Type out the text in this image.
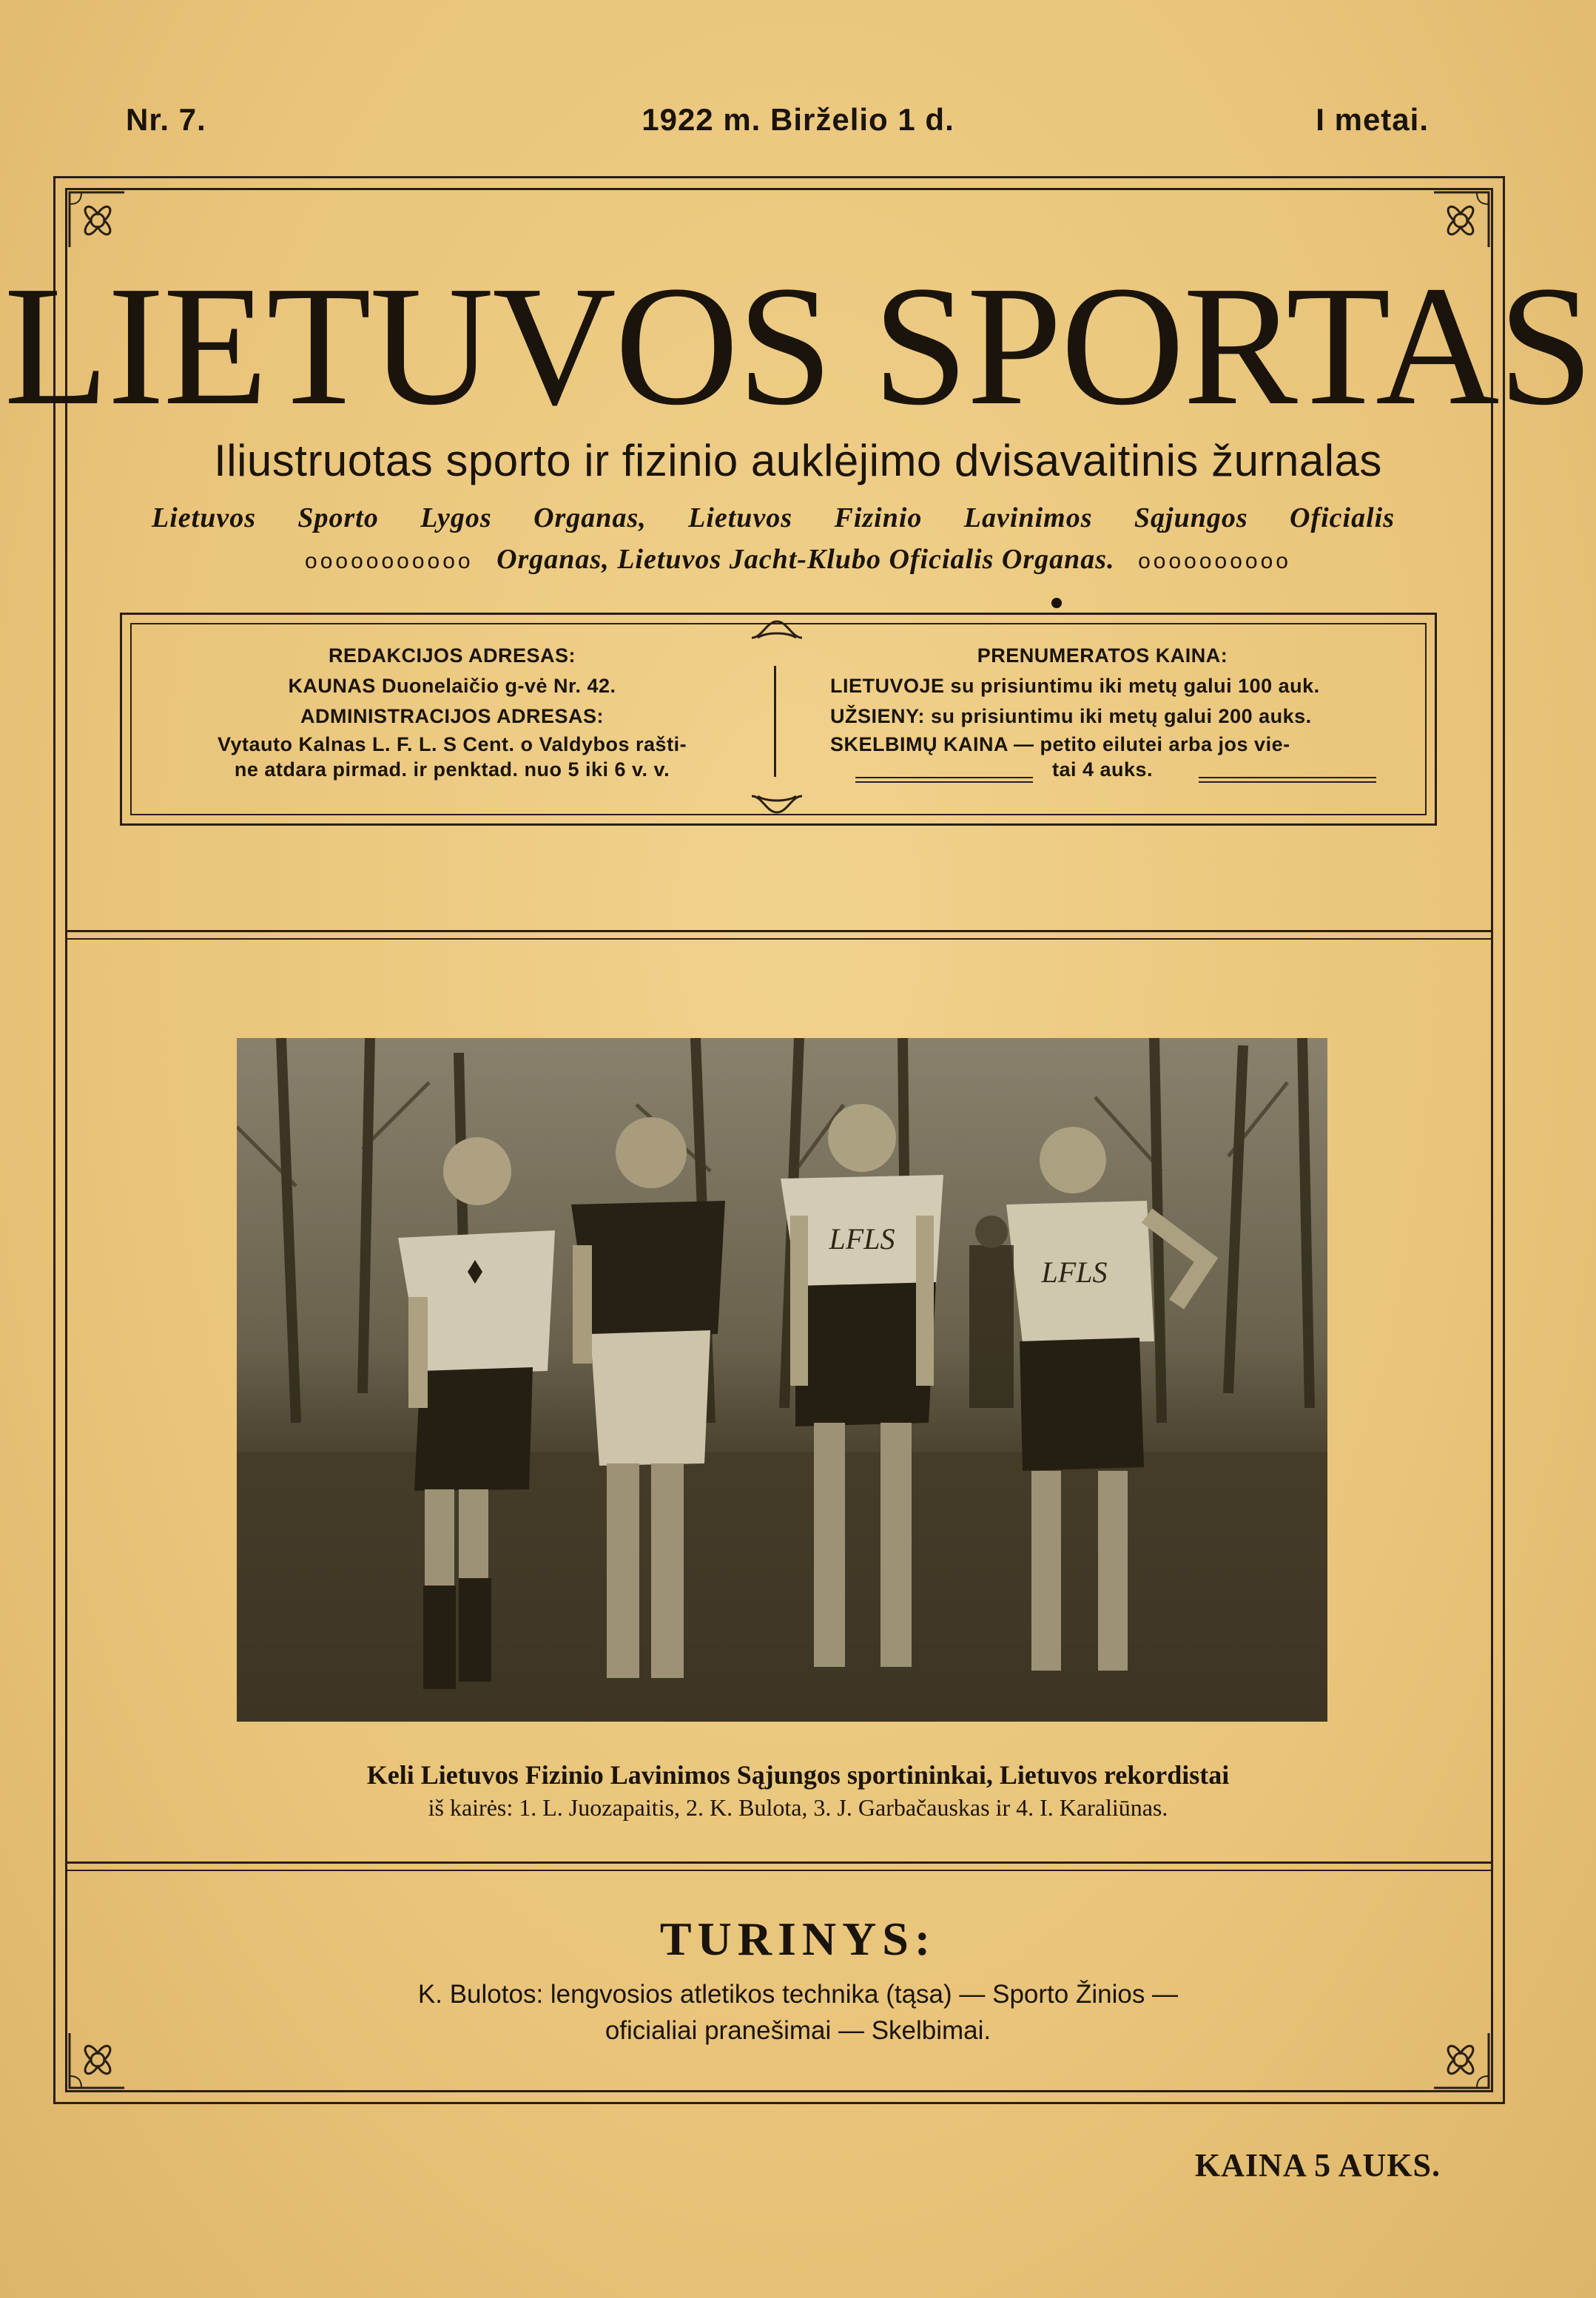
Nr. 7.	1922 m. Birželio 1 d.	I metai.
LIETUVOS SPORTAS
Iliustruotas sporto ir fizinio auklėjimo dvisavaitinis žurnalas
Lietuvos Sporto Lygos Organas, Lietuvos Fizinio Lavinimos Sąjungos Oficialis
ooooooooooo Organas, Lietuvos Jacht-Klubo Oficialis Organas. oooooooooo
REDAKCIJOS ADRESAS:
KAUNAS Duonelaičio g-vė Nr. 42.
ADMINISTRACIJOS ADRESAS:
Vytauto Kalnas L. F. L. S Cent. o Valdybos rašti-
ne atdara pirmad. ir penktad. nuo 5 iki 6 v. v.
PRENUMERATOS KAINA:
LIETUVOJE su prisiuntimu iki metų galui 100 auk.
UŽSIENY: su prisiuntimu iki metų galui 200 auks.
SKELBIMŲ KAINA — petito eilutei arba jos vie-
tai 4 auks.
LFLS
LFLS
Keli Lietuvos Fizinio Lavinimos Sąjungos sportininkai, Lietuvos rekordistai
iš kairės: 1. L. Juozapaitis, 2. K. Bulota, 3. J. Garbačauskas ir 4. I. Karaliūnas.
TURINYS:
K. Bulotos: lengvosios atletikos technika (tąsa) — Sporto Žinios —
oficialiai pranešimai — Skelbimai.
KAINA 5 AUKS.
